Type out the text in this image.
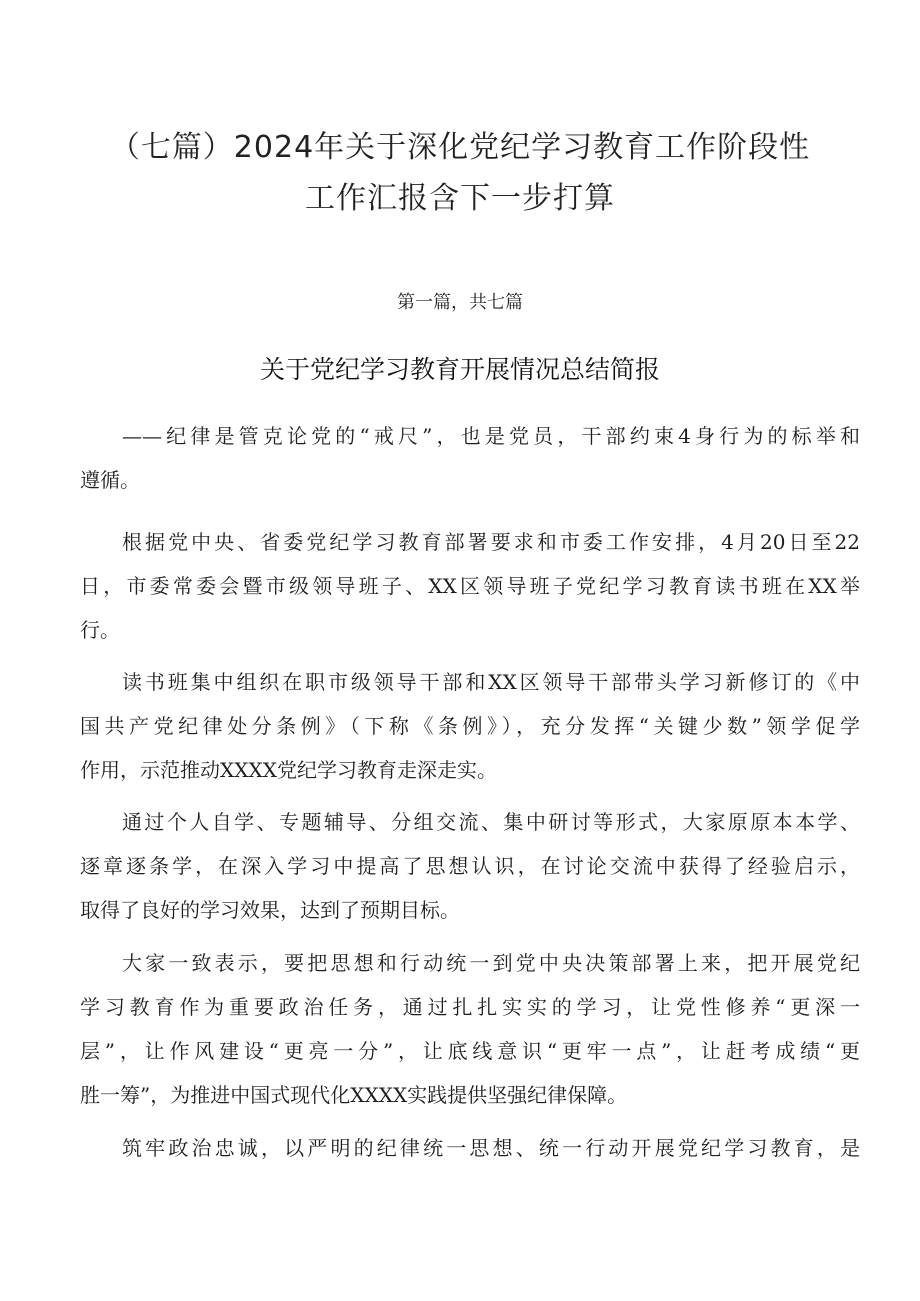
（七篇）2024年关于深化党纪学习教育工作阶段性
工作汇报含下一步打算
第一篇，共七篇
关于党纪学习教育开展情况总结简报
——纪律是管克论党的“戒尺”，也是党员，干部约束4身行为的标举和
遵循。
根据党中央、省委党纪学习教育部署要求和市委工作安排，4月20日至22
日，市委常委会暨市级领导班子、XX区领导班子党纪学习教育读书班在XX举
行。
读书班集中组织在职市级领导干部和XX区领导干部带头学习新修订的《中
国共产党纪律处分条例》（下称《条例》），充分发挥“关键少数”领学促学
作用，示范推动XXXX党纪学习教育走深走实。
通过个人自学、专题辅导、分组交流、集中研讨等形式，大家原原本本学、
逐章逐条学，在深入学习中提高了思想认识，在讨论交流中获得了经验启示，
取得了良好的学习效果，达到了预期目标。
大家一致表示，要把思想和行动统一到党中央决策部署上来，把开展党纪
学习教育作为重要政治任务，通过扎扎实实的学习，让党性修养“更深一
层”，让作风建设“更亮一分”，让底线意识“更牢一点”，让赶考成绩“更
胜一筹”，为推进中国式现代化XXXX实践提供坚强纪律保障。
筑牢政治忠诚，以严明的纪律统一思想、统一行动开展党纪学习教育，是
